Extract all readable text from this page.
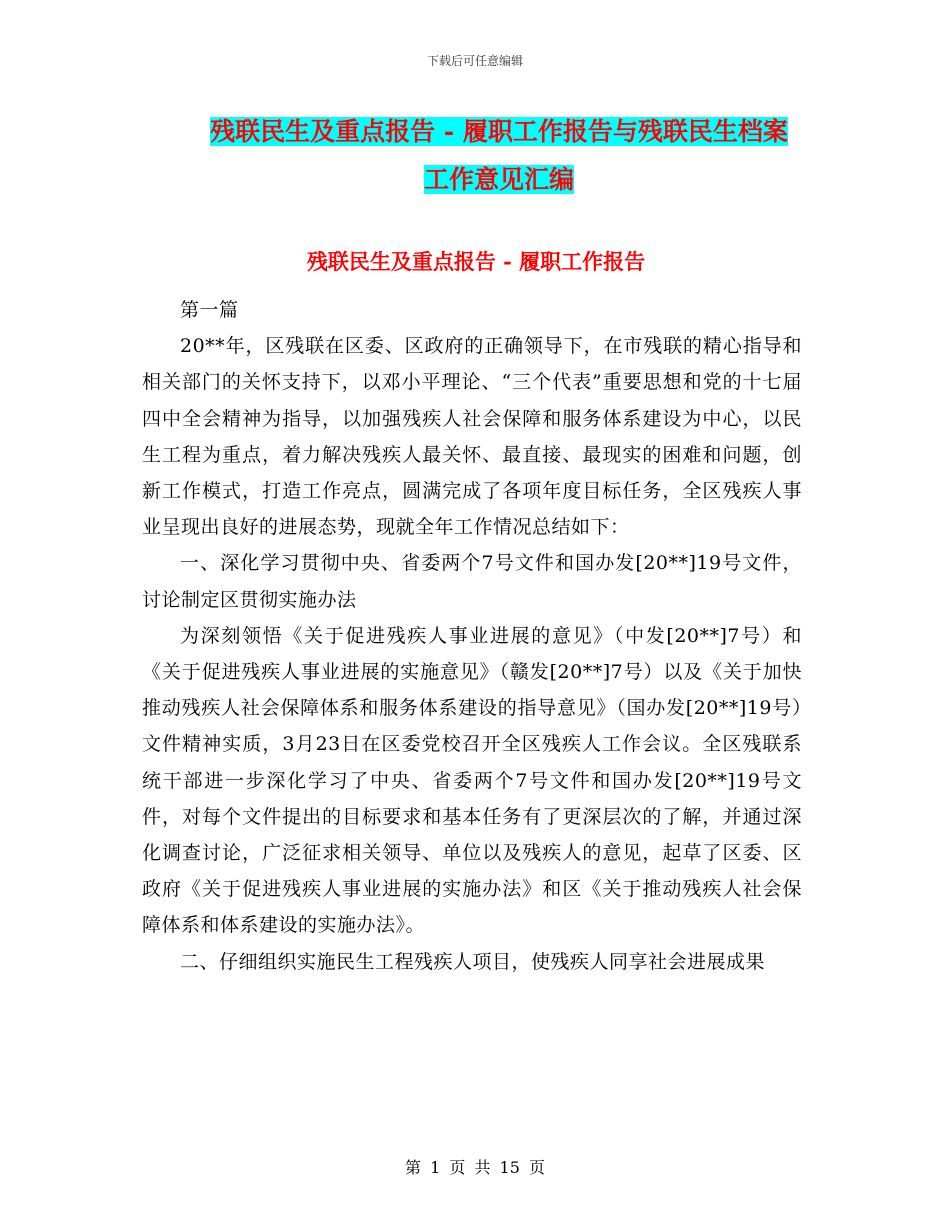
下载后可任意编辑
残联民生及重点报告 - 履职工作报告与残联民生档案
工作意见汇编
残联民生及重点报告 - 履职工作报告

第一篇

20**年，区残联在区委、区政府的正确领导下，在市残联的精心指导和相关部门的关怀支持下，以邓小平理论、“三个代表”重要思想和党的十七届四中全会精神为指导，以加强残疾人社会保障和服务体系建设为中心，以民生工程为重点，着力解决残疾人最关怀、最直接、最现实的困难和问题，创新工作模式，打造工作亮点，圆满完成了各项年度目标任务，全区残疾人事业呈现出良好的进展态势，现就全年工作情况总结如下：

一、深化学习贯彻中央、省委两个7号文件和国办发[20**]19号文件，讨论制定区贯彻实施办法

为深刻领悟《关于促进残疾人事业进展的意见》（中发[20**]7号）和《关于促进残疾人事业进展的实施意见》（赣发[20**]7号）以及《关于加快推动残疾人社会保障体系和服务体系建设的指导意见》（国办发[20**]19号）文件精神实质，3月23日在区委党校召开全区残疾人工作会议。全区残联系统干部进一步深化学习了中央、省委两个7号文件和国办发[20**]19号文件，对每个文件提出的目标要求和基本任务有了更深层次的了解，并通过深化调查讨论，广泛征求相关领导、单位以及残疾人的意见，起草了区委、区政府《关于促进残疾人事业进展的实施办法》和区《关于推动残疾人社会保障体系和体系建设的实施办法》。

二、仔细组织实施民生工程残疾人项目，使残疾人同享社会进展成果

第 1 页 共 15 页
